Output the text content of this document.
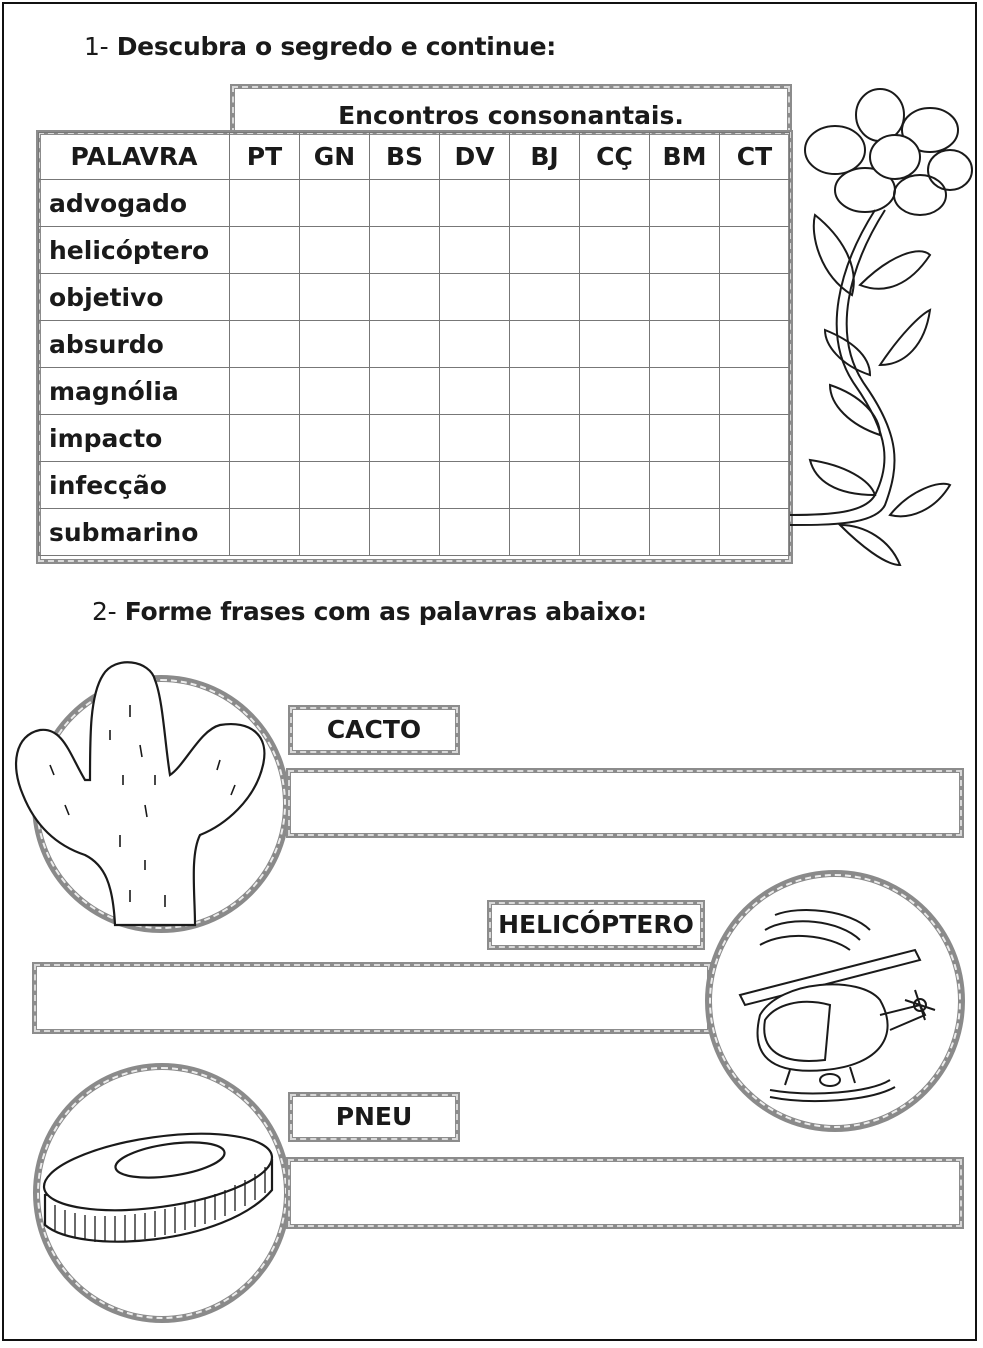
1- Descubra o segredo e continue:
Encontros consonantais.
PALAVRA	PT	GN	BS	DV	BJ	CÇ	BM	CT
advogado								
helicóptero								
objetivo								
absurdo								
magnólia								
impacto								
infecção								
submarino								
2- Forme frases com as palavras abaixo:
CACTO
HELICÓPTERO
PNEU
